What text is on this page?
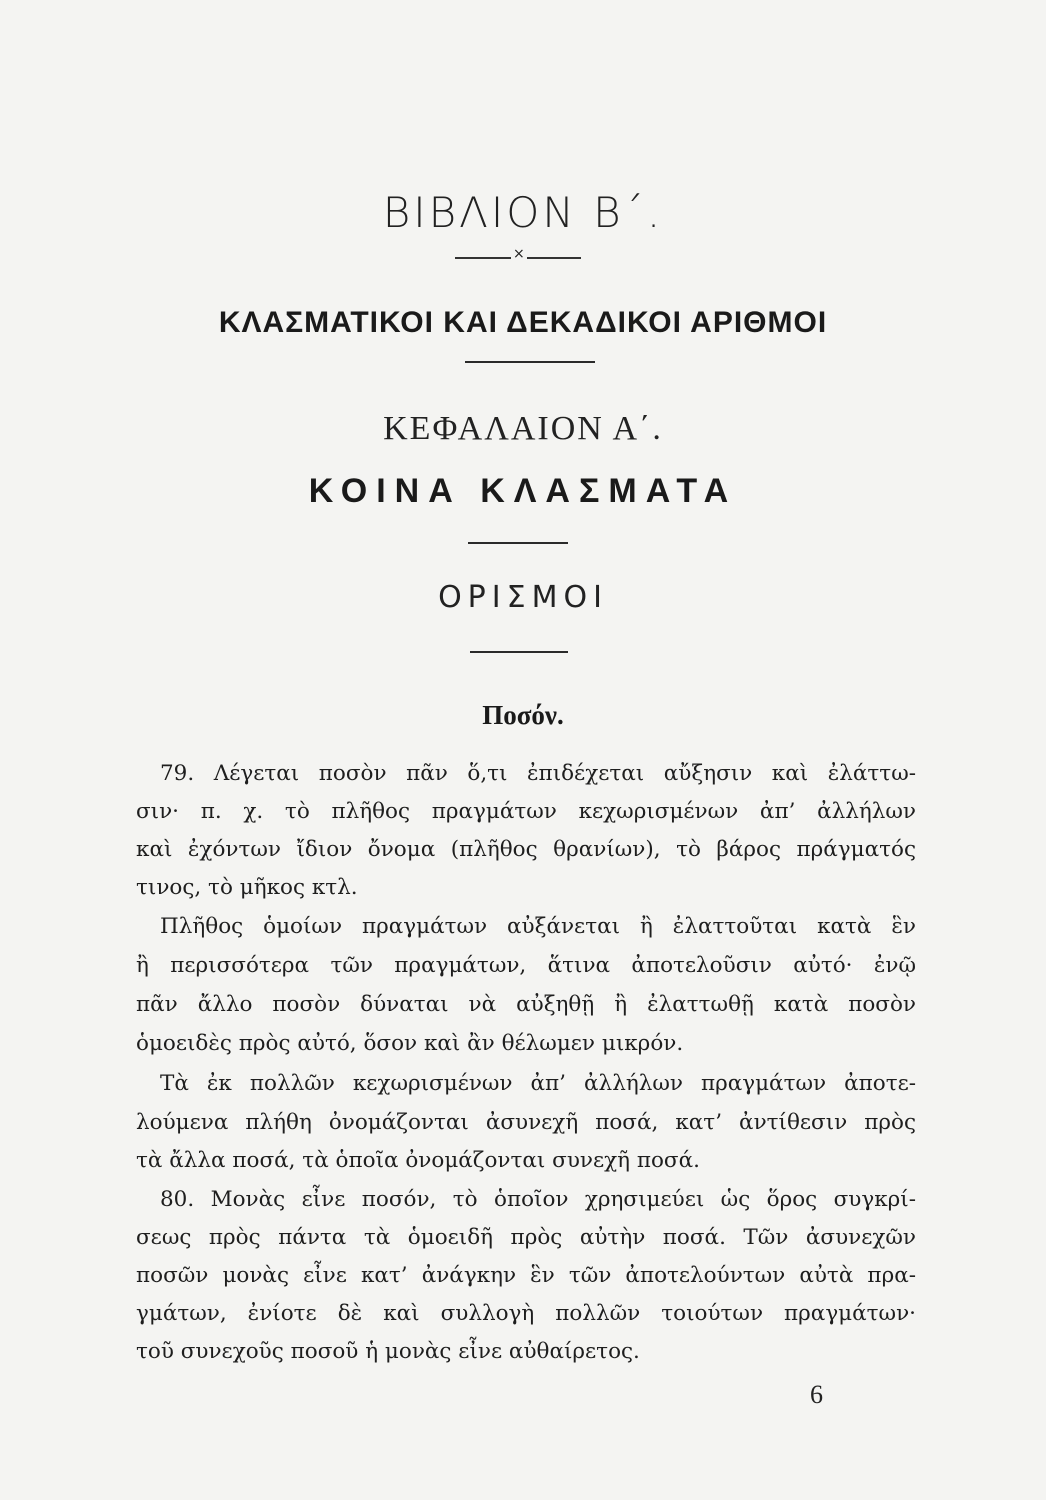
ΒΙΒΛΙΟΝ Β΄.
×
ΚΛΑΣΜΑΤΙΚΟΙ ΚΑΙ ΔΕΚΑΔΙΚΟΙ ΑΡΙΘΜΟΙ
ΚΕΦΑΛΑΙΟΝ Α΄.
ΚΟΙΝΑ ΚΛΑΣΜΑΤΑ
ΟΡΙΣΜΟΙ
Ποσόν.
79. Λέγεται ποσὸν πᾶν ὅ,τι ἐπιδέχεται αὔξησιν καὶ ἐλάττω-
σιν· π. χ. τὸ πλῆθος πραγμάτων κεχωρισμένων ἀπ’ ἀλλήλων
καὶ ἐχόντων ἴδιον ὄνομα (πλῆθος θρανίων), τὸ βάρος πράγματός
τινος, τὸ μῆκος κτλ.
Πλῆθος ὁμοίων πραγμάτων αὐξάνεται ἢ ἐλαττοῦται κατὰ ἓν
ἢ περισσότερα τῶν πραγμάτων, ἅτινα ἀποτελοῦσιν αὐτό· ἐνῷ
πᾶν ἄλλο ποσὸν δύναται νὰ αὐξηθῇ ἢ ἐλαττωθῇ κατὰ ποσὸν
ὁμοειδὲς πρὸς αὐτό, ὅσον καὶ ἂν θέλωμεν μικρόν.
Τὰ ἐκ πολλῶν κεχωρισμένων ἀπ’ ἀλλήλων πραγμάτων ἀποτε-
λούμενα πλήθη ὀνομάζονται ἀσυνεχῆ ποσά, κατ’ ἀντίθεσιν πρὸς
τὰ ἄλλα ποσά, τὰ ὁποῖα ὀνομάζονται συνεχῆ ποσά.
80. Μονὰς εἶνε ποσόν, τὸ ὁποῖον χρησιμεύει ὡς ὅρος συγκρί-
σεως πρὸς πάντα τὰ ὁμοειδῆ πρὸς αὐτὴν ποσά. Τῶν ἀσυνεχῶν
ποσῶν μονὰς εἶνε κατ’ ἀνάγκην ἓν τῶν ἀποτελούντων αὐτὰ πρα-
γμάτων, ἐνίοτε δὲ καὶ συλλογὴ πολλῶν τοιούτων πραγμάτων·
τοῦ συνεχοῦς ποσοῦ ἡ μονὰς εἶνε αὐθαίρετος.
6
